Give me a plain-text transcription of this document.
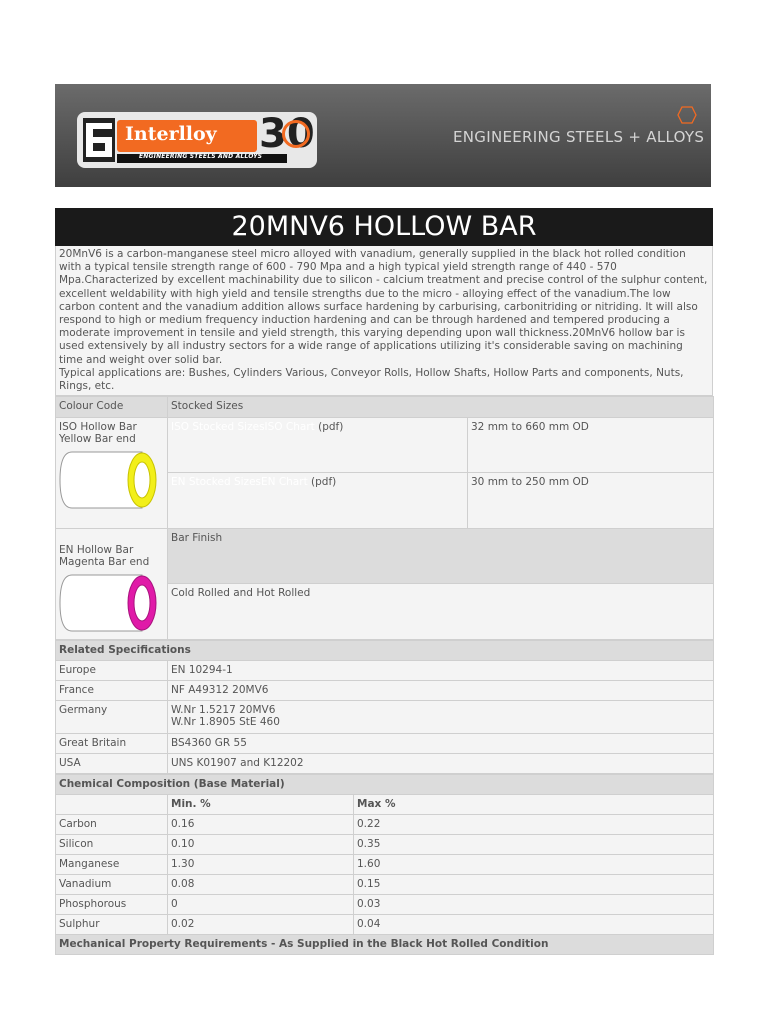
Interlloy
ENGINEERING STEELS AND ALLOYS
30	ENGINEERING STEELS + ALLOYS
20MNV6 HOLLOW BAR
20MnV6 is a carbon-manganese steel micro alloyed with vanadium, generally supplied in the black hot rolled condition with a typical tensile strength range of 600 - 790 Mpa and a high typical yield strength range of 440 - 570 Mpa.Characterized by excellent machinability due to silicon - calcium treatment and precise control of the sulphur content, excellent weldability with high yield and tensile strengths due to the micro - alloying effect of the vanadium.The low carbon content and the vanadium addition allows surface hardening by carburising, carbonitriding or nitriding. It will also respond to high or medium frequency induction hardening and can be through hardened and tempered producing a moderate improvement in tensile and yield strength, this varying depending upon wall thickness.20MnV6 hollow bar is used extensively by all industry sectors for a wide range of applications utilizing it's considerable saving on machining time and weight over solid bar.
Typical applications are: Bushes, Cylinders Various, Conveyor Rolls, Hollow Shafts, Hollow Parts and components, Nuts, Rings, etc.
Colour Code	Stocked Sizes	

ISO Hollow Bar
Yellow Bar end	ISO Stocked SizesISO Chart (pdf)	32 mm to 660 mm OD
	EN Stocked SizesEN Chart (pdf)	30 mm to 250 mm OD

EN Hollow Bar
Magenta Bar end	Bar Finish	
	Cold Rolled and Hot Rolled	
Related Specifications	
Europe	EN 10294-1
France	NF A49312 20MV6
Germany	W.Nr 1.5217 20MV6
W.Nr 1.8905 StE 460
Great Britain	BS4360 GR 55
USA	UNS K01907 and K12202
Chemical Composition (Base Material)		
	Min. %	Max %
Carbon	0.16	0.22
Silicon	0.10	0.35
Manganese	1.30	1.60
Vanadium	0.08	0.15
Phosphorous	0	0.03
Sulphur	0.02	0.04
Mechanical Property Requirements - As Supplied in the Black Hot Rolled Condition		
